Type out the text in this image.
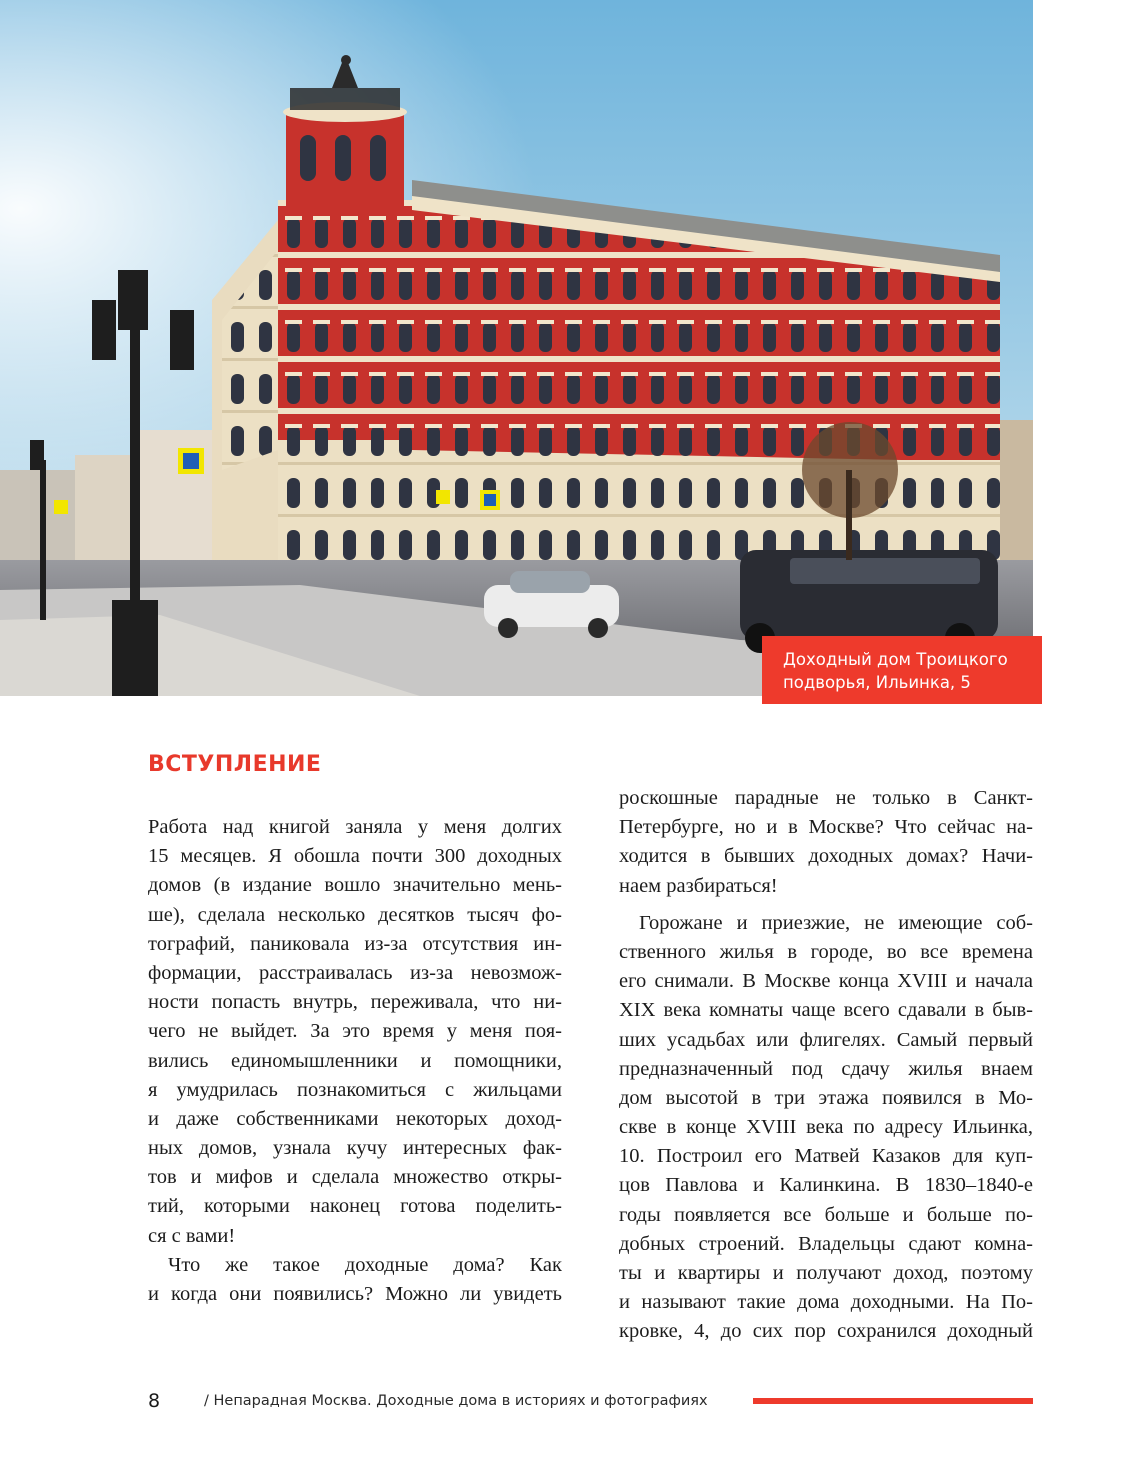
Доходный дом Троицкого
подворья, Ильинка, 5
ВСТУПЛЕНИЕ

Работа над книгой заняла у меня долгих
15 месяцев. Я обошла почти 300 доходных
домов (в издание вошло значительно мень-
ше), сделала несколько десятков тысяч фо-
тографий, паниковала из-за отсутствия ин-
формации, расстраивалась из-за невозмож-
ности попасть внутрь, переживала, что ни-
чего не выйдет. За это время у меня поя-
вились единомышленники и помощники,
я умудрилась познакомиться с жильцами
и даже собственниками некоторых доход-
ных домов, узнала кучу интересных фак-
тов и мифов и сделала множество откры-
тий, которыми наконец готова поделить-
ся с вами!

Что же такое доходные дома? Как
и когда они появились? Можно ли увидеть

роскошные парадные не только в Санкт-
Петербурге, но и в Москве? Что сейчас на-
ходится в бывших доходных домах? Начи-
наем разбираться!

Горожане и приезжие, не имеющие соб-
ственного жилья в городе, во все времена
его снимали. В Москве конца XVIII и начала
XIX века комнаты чаще всего сдавали в быв-
ших усадьбах или флигелях. Самый первый
предназначенный под сдачу жилья внаем
дом высотой в три этажа появился в Мо-
скве в конце XVIII века по адресу Ильинка,
10. Построил его Матвей Казаков для куп-
цов Павлова и Калинкина. В 1830–1840-е
годы появляется все больше и больше по-
добных строений. Владельцы сдают комна-
ты и квартиры и получают доход, поэтому
и называют такие дома доходными. На По-
кровке, 4, до сих пор сохранился доходный

8	/ Непарадная Москва. Доходные дома в историях и фотографиях
